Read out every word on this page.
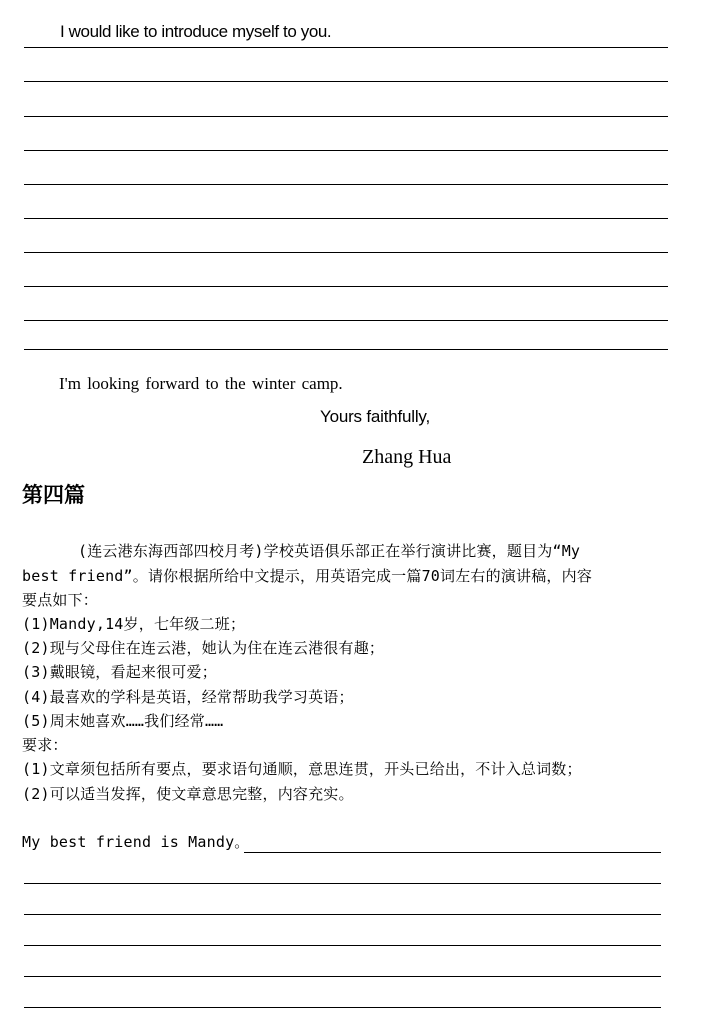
I would like to introduce myself to you.
I'm looking forward to the winter camp.
Yours faithfully,
Zhang Hua
第四篇
(连云港东海西部四校月考)学校英语俱乐部正在举行演讲比赛，题目为“My
best friend”。请你根据所给中文提示，用英语完成一篇70词左右的演讲稿，内容
要点如下：
(1)Mandy,14岁，七年级二班；
(2)现与父母住在连云港，她认为住在连云港很有趣；
(3)戴眼镜，看起来很可爱；
(4)最喜欢的学科是英语，经常帮助我学习英语；
(5)周末她喜欢……我们经常……
要求：
(1)文章须包括所有要点，要求语句通顺，意思连贯，开头已给出，不计入总词数；
(2)可以适当发挥，使文章意思完整，内容充实。
My best friend is Mandy。
